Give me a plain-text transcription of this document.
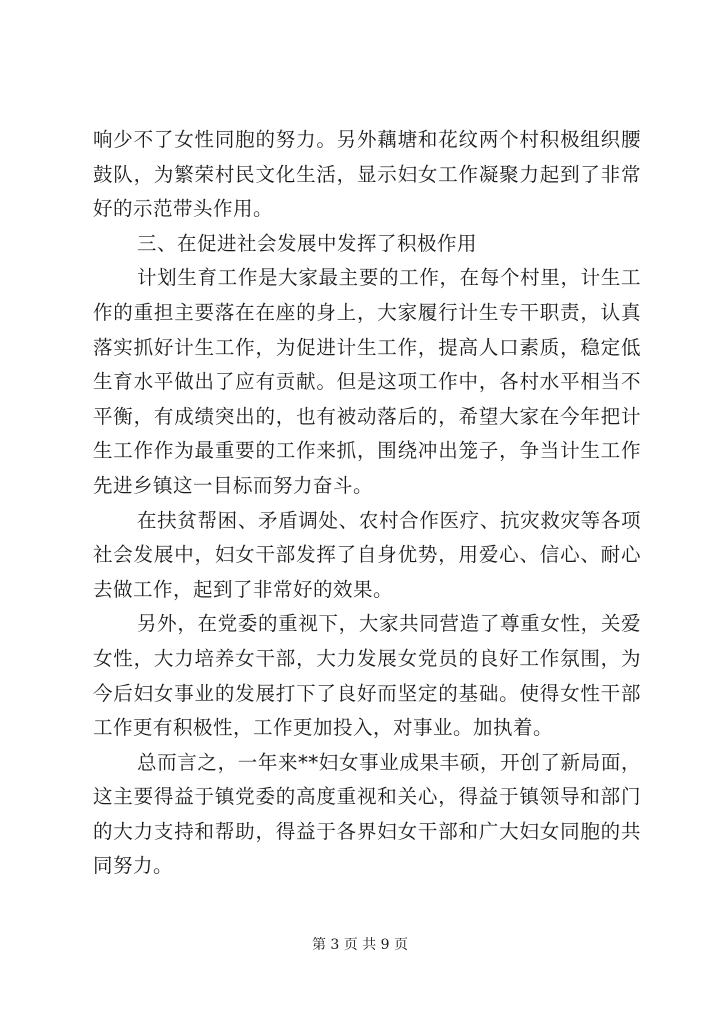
响少不了女性同胞的努力。另外藕塘和花纹两个村积极组织腰鼓队，为繁荣村民文化生活，显示妇女工作凝聚力起到了非常好的示范带头作用。

三、在促进社会发展中发挥了积极作用

计划生育工作是大家最主要的工作，在每个村里，计生工作的重担主要落在在座的身上，大家履行计生专干职责，认真落实抓好计生工作，为促进计生工作，提高人口素质，稳定低生育水平做出了应有贡献。但是这项工作中，各村水平相当不平衡，有成绩突出的，也有被动落后的，希望大家在今年把计生工作作为最重要的工作来抓，围绕冲出笼子，争当计生工作先进乡镇这一目标而努力奋斗。

在扶贫帮困、矛盾调处、农村合作医疗、抗灾救灾等各项社会发展中，妇女干部发挥了自身优势，用爱心、信心、耐心去做工作，起到了非常好的效果。

另外，在党委的重视下，大家共同营造了尊重女性，关爱女性，大力培养女干部，大力发展女党员的良好工作氛围，为今后妇女事业的发展打下了良好而坚定的基础。使得女性干部工作更有积极性，工作更加投入，对事业。加执着。

总而言之，一年来**妇女事业成果丰硕，开创了新局面，这主要得益于镇党委的高度重视和关心，得益于镇领导和部门的大力支持和帮助，得益于各界妇女干部和广大妇女同胞的共同努力。

第 3 页 共 9 页
